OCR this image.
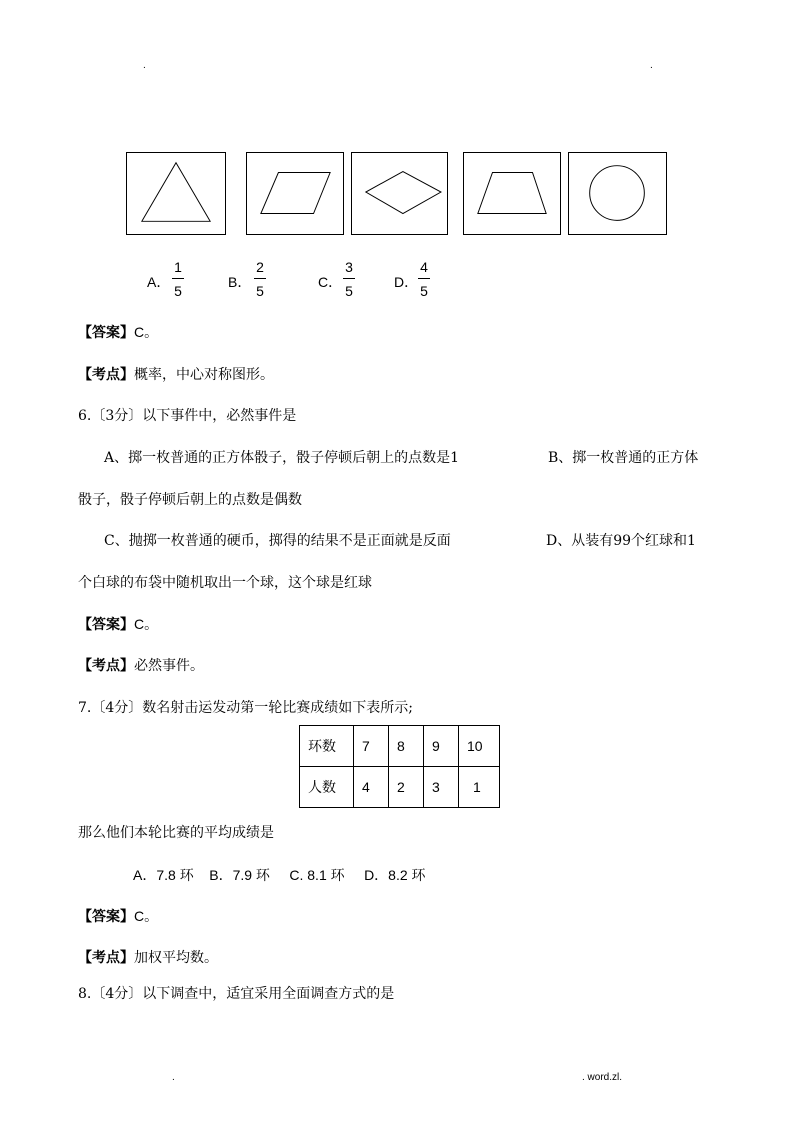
.	.
A．
1
5
B．
2
5
C．
3
5
D．
4
5
【答案】C。
【考点】概率，中心对称图形。
6.〔3分〕以下事件中，必然事件是
A、掷一枚普通的正方体骰子，骰子停顿后朝上的点数是1	B、掷一枚普通的正方体
骰子，骰子停顿后朝上的点数是偶数
C、抛掷一枚普通的硬币，掷得的结果不是正面就是反面	D、从装有99个红球和1
个白球的布袋中随机取出一个球，这个球是红球
【答案】C。
【考点】必然事件。
7.〔4分〕数名射击运发动第一轮比赛成绩如下表所示;
环数	7	8	9	10
人数	4	2	3	1
那么他们本轮比赛的平均成绩是
A．7.8 环    B．7.9 环     C. 8.1 环     D．8.2 环
【答案】C。
【考点】加权平均数。
8.〔4分〕以下调查中，适宜采用全面调查方式的是
.	. word.zl.
